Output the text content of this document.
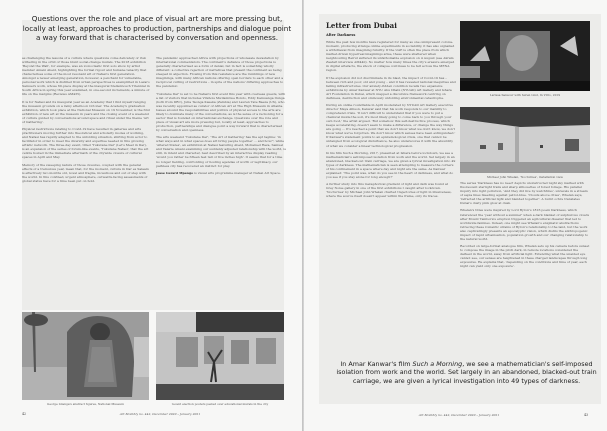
Questions over the role and place of visual art are more pressing but, locally at least, approaches to production, partnerships and dialogue point a way forward that is characterised by conversation and openness.

as challenging the lessons of a culture where questions come delicately or risk withering in the orbit of those blunt social-change murals. The 2018 exhibition 'Beyond the Wall', for example, was an iconoclastic first solo show by artist member Amani Abeid, highlighting the formal rigour and humane tenacity that characterises some of the most resonant art of Nafasi's first generation. Amongst a newer emerging generation, however, a penchant for vulnerable, personal work which is distilled from urban perspectives is exemplified in Lazaro Samuel's work, whose 60-piece display at the inaugural Stellenbosch Triennial in South Africa in spring this year examined, in one-second increments, a minute of life on the margins (Reviews AM435).

It is for Nafasi and its inaugural year as an Academy that I find myself ranging the museum grounds on a rainy afternoon October. The Academy's graduation exhibition, which took place at the National Museum on 19 November, is the first exhibition of new art at the museum in years and the closing event of a weekend of culture guided by conversations around space and ritual under the theme 'Art of Gathering'.

Physical restrictions relating to Covid-19 have resulted in galleries and arts practitioners moving further into theoretical and scholarly modes of working, and Nafasi has rapidly adapted to the unfolding situation, shifting from actor to facilitator in order to meet the diversity and expertise needed in this growing artistic network. The three-day event, titled 'Tukutane Dar' (Let's Meet in Dar), is an expansion of the series of forum-like events, 'Tukutane Nafasi', that the art centre hosted in the immediate aftermath of the citywide closure of cultural spaces in April and May.

Memory of the sweeping nature of those closures, coupled with the general effects of a tremulous year, mean that, for the moment, culture in Dar es Salaam is effectively two months old, novel and fragile, incautious and out of step with the world. In this confined, urgent atmosphere, outwards-facing assessments of global status have for a time been put on hold.

The pandemic approached Africa with projections of wholesale devastation by international commentators. The continent's defiance of those projections is generally characterised as a form of denial, but in fact is something wholly different: a collective rejection of narratives that present the continent as being steeped in abjection. Flowing from this resistance are the rumblings of new imaginings, with many African nations offering open borders to each other and a reciprocal cutting of restrictions – in spite of the nations' differing approaches to the pandemic.

'Tukutane Dar' is set to be Nafasi's first event this year with overseas guests, with a list of visitors that includes Vitshois Mwilambwe Bondo, Eddy Kamuanga Ilunga (both from DRC), Julia Taonga Kaseka (Zambia) and Lauren Tate Baeza (US), who was recently appointed as curator of African Art at The High Museum in Atlanta. Issues around the responsibilities and politics of physical access to the arts are likely to dominate many of the conversations, as is the sense of a reckoning for a sector that is founded on international exchange. Questions over the role and place of visual art are more pressing but, locally at least, approaches to production, partnerships and dialogue point a way forward that is characterised by conversation and openness.

The arts weekend 'Tukutane Dar', 'The Art of Gathering' has the apt tagline: 'in what ways and in what spaces does art bring people together … and how?', while 'Altered States', an exhibition at Nafasi featuring Abeid, Mohamed Raza, Samuel and Valerie Amani examining our suddenly adjusted relationship with the world, is still, in intent and character, best described by an interactive display reading 'would you rather be fifteen feet tall or five inches high'. It seems that for a time no longer fielding, confronting or hosting agendas of worth or legitimacy, our parkless city has recovered an instinct for play.

Jesse Gerard Mpango is visual arts programme manager at Nafasi Art Space.

George Lilanga's abstract figures, National Museum	recent election posters pasted over educational murals in the city
42	Art Monthly no. 442, December 2020 – January 2021
Letter from Dubai
After Darkness

While the past few months have registered for many as one omnipresent corona-moment, producing strange online experiments in sociability, it has also signalled a withdrawal from imagining futurity. If the UAE is often the place from which market-driven hyperreal imaginings arise, these were shattered when neighbouring Beirut suffered its unfathomable explosion on 4 August (see Akram Zaatari interview AM440). No matter how many times the city's erasure emerged in digital artefacts, the shock of collapse continues to be felt across the MENA region.

If the explosion did not discriminate in its blast, the impact of Covid-19 has – between rich and poor, old and young – and it has revealed national inequities and failing infrastructures. Our anxiety-ridden condition recalls two expansive exhibitions by Amar Kanwar at NYU Abu Dhabi (NYUAD) Art Gallery and Ishara Art Foundation in Dubai, which mapped a discursive framework centring on darkness, destruction and ominously unfolding environmental catastrophe.

During an online roundtable in April moderated by NYUAD Art Gallery executive director Maya Allison, Kanwar said that his work responds to our inability to comprehend crisis. 'It isn't difficult to understand that if you were to put a chemical inside the soil, it's most likely going to come back to you through your own food,' the artist argued. 'But somehow this self-destructive process, which keeps accelerating, doesn't seem to make a difference, or change the way things are going … It's reached a point that we don't know what we don't know, we don't know what we've forgotten. We don't know which senses have been extinguished.' If Kanwar's statement points to an epistemological crisis, one that cannot be untangled from ecological disturbance, he also underscores it with the absurdity of what we consider a linear technological progression.

In his film Such a Morning, 2017, presented at Ishara before lockdown, we see a mathematician's self-imposed isolation from work and the world. Set largely in an abandoned, blacked-out train carriage, we are given a lyrical investigation into 49 types of darkness. The mathematician is seen attempting to measure the corners of his confinement in a space where day and night are the same. As Kanwar explained: 'The point was, what do you see in the heart of darkness, and what do you see if you stay alone for long enough?'

A further study into this metaphorical gradient of light and dark was found at Grey Noise gallery in one of the first exhibitions I caught after lockdown. 'Nocturnes' by Michael John Whelan charted trajectories of light in illusiveness, where the source itself doesn't appear within the frame, only its traces.

Larissa Sansour with Søren Lind, In Vitro, 2019
Michael John Whelan, 'Nocturnes', installation view

The series 'Darkness has no need' depicts unobstructed night sky marked with fluorescent starlight trails and sharp silhouettes of forest foliage. His parallel inquiry into light pollution, 'And they did live by watchfires', unravels in a stream of sepia lines bleeding against petrol-blue. 'Clouds above cities', Whelan says, 'refracted the artificial light and blended together'. A burnt ochre translates Dubai's dusty pink glow at dusk.

Whelan's titles were inspired by Lord Byron's 1816 poem Darkness, which referenced the 'year without a summer' when a dark blanket of sulphurous clouds after Mount Tambora's eruption triggered an agricultural disaster that led to worldwide famines. Indeed, one might see Whelan's enigmatic abstractions retracing these romantic strains of Byron's relationship to the land, but the work also captivatingly presents an apocalyptic vision, which distils the anthropogenic impact of rapid urbanisation, population growth and our changing relationship to the natural world.

Recorded on large-format analogue film, Whelan sets up his camera before sunset to compose the image in the pitch dark, in remote locations considered the darkest in the world, away from artificial light. Extending what the unaided eye cannot see, our senses are heightened in these charged landscapes through long exposures. He explains that, 'depending on the conditions and time of year, each night can yield only one exposure'.

In Amar Kanwar's film Such a Morning, we see a mathematician's self-imposed isolation from work and the world. Set largely in an abandoned, blacked-out train carriage, we are given a lyrical investigation into 49 types of darkness.
Art Monthly no. 442, December 2020 – January 2021	43
